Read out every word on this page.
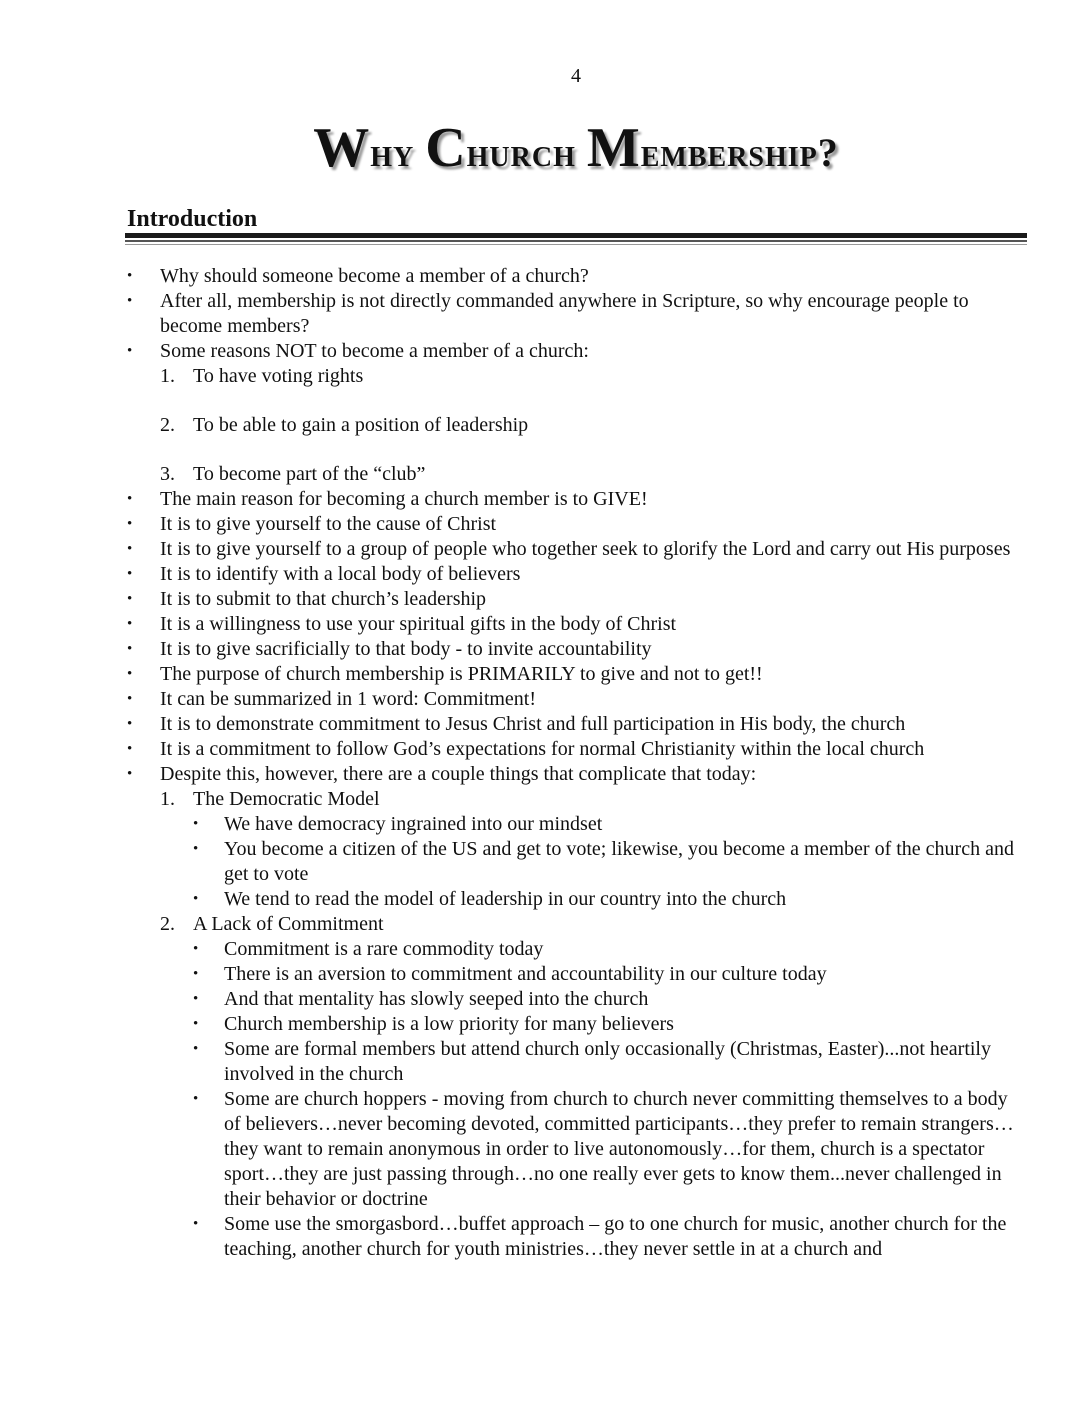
4
Why Church Membership?
Introduction
• Why should someone become a member of a church?
• After all, membership is not directly commanded anywhere in Scripture, so why encourage people to become members?
• Some reasons NOT to become a member of a church:
1. To have voting rights
2. To be able to gain a position of leadership
3. To become part of the “club”
• The main reason for becoming a church member is to GIVE!
• It is to give yourself to the cause of Christ
• It is to give yourself to a group of people who together seek to glorify the Lord and carry out His purposes
• It is to identify with a local body of believers
• It is to submit to that church’s leadership
• It is a willingness to use your spiritual gifts in the body of Christ
• It is to give sacrificially to that body - to invite accountability
• The purpose of church membership is PRIMARILY to give and not to get!!
• It can be summarized in 1 word: Commitment!
• It is to demonstrate commitment to Jesus Christ and full participation in His body, the church
• It is a commitment to follow God’s expectations for normal Christianity within the local church
• Despite this, however, there are a couple things that complicate that today:
1. The Democratic Model
• We have democracy ingrained into our mindset
• You become a citizen of the US and get to vote; likewise, you become a member of the church and get to vote
• We tend to read the model of leadership in our country into the church
2. A Lack of Commitment
• Commitment is a rare commodity today
• There is an aversion to commitment and accountability in our culture today
• And that mentality has slowly seeped into the church
• Church membership is a low priority for many believers
• Some are formal members but attend church only occasionally (Christmas, Easter)...not heartily involved in the church
• Some are church hoppers - moving from church to church never committing themselves to a body of believers…never becoming devoted, committed participants…they prefer to remain strangers…they want to remain anonymous in order to live autonomously…for them, church is a spectator sport…they are just passing through…no one really ever gets to know them...never challenged in their behavior or doctrine
• Some use the smorgasbord…buffet approach – go to one church for music, another church for the teaching, another church for youth ministries…they never settle in at a church and
